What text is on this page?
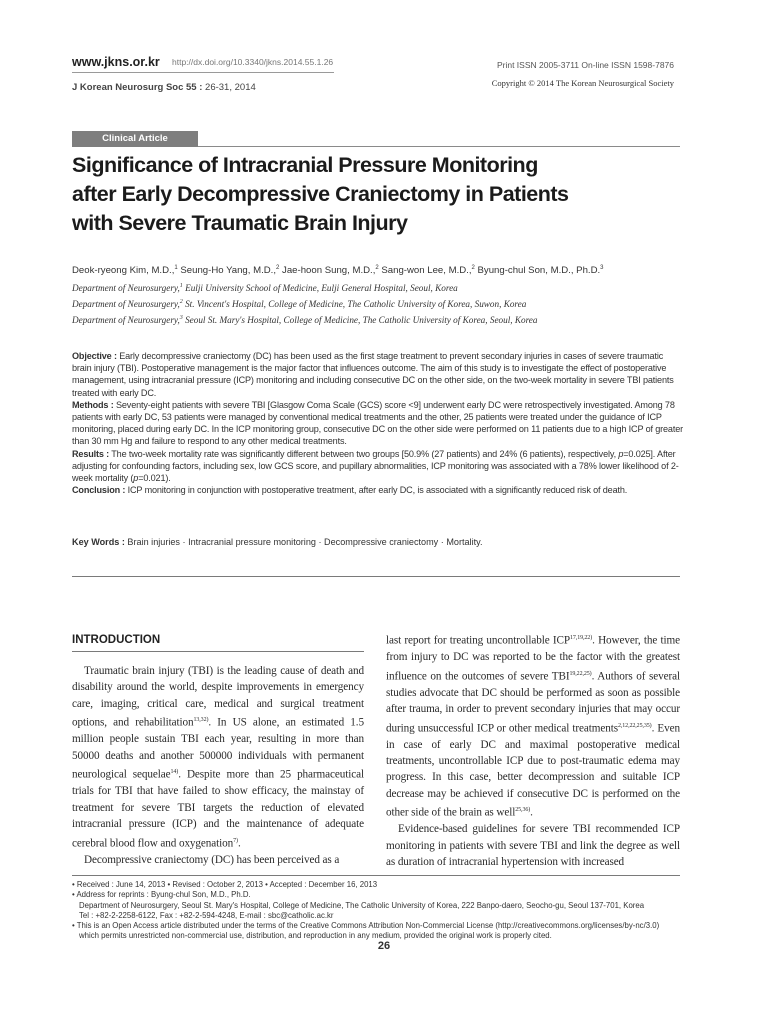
www.jkns.or.kr http://dx.doi.org/10.3340/jkns.2014.55.1.26
J Korean Neurosurg Soc 55 : 26-31, 2014
Print ISSN 2005-3711 On-line ISSN 1598-7876
Copyright © 2014 The Korean Neurosurgical Society
Clinical Article
Significance of Intracranial Pressure Monitoring
after Early Decompressive Craniectomy in Patients
with Severe Traumatic Brain Injury
Deok-ryeong Kim, M.D.,$^1$ Seung-Ho Yang, M.D.,$^2$ Jae-hoon Sung, M.D.,$^2$ Sang-won Lee, M.D.,$^2$ Byung-chul Son, M.D., Ph.D.$^3$
Department of Neurosurgery,$^1$ Eulji University School of Medicine, Eulji General Hospital, Seoul, Korea
Department of Neurosurgery,$^2$ St. Vincent's Hospital, College of Medicine, The Catholic University of Korea, Suwon, Korea
Department of Neurosurgery,$^3$ Seoul St. Mary's Hospital, College of Medicine, The Catholic University of Korea, Seoul, Korea

Objective : Early decompressive craniectomy (DC) has been used as the first stage treatment to prevent secondary injuries in cases of severe traumatic brain injury (TBI). Postoperative management is the major factor that influences outcome. The aim of this study is to investigate the effect of postoperative management, using intracranial pressure (ICP) monitoring and including consecutive DC on the other side, on the two-week mortality in severe TBI patients treated with early DC.

Methods : Seventy-eight patients with severe TBI [Glasgow Coma Scale (GCS) score <9] underwent early DC were retrospectively investigated. Among 78 patients with early DC, 53 patients were managed by conventional medical treatments and the other, 25 patients were treated under the guidance of ICP monitoring, placed during early DC. In the ICP monitoring group, consecutive DC on the other side were performed on 11 patients due to a high ICP of greater than 30 mm Hg and failure to respond to any other medical treatments.

Results : The two-week mortality rate was significantly different between two groups [50.9% (27 patients) and 24% (6 patients), respectively, p=0.025]. After adjusting for confounding factors, including sex, low GCS score, and pupillary abnormalities, ICP monitoring was associated with a 78% lower likelihood of 2-week mortality (p=0.021).

Conclusion : ICP monitoring in conjunction with postoperative treatment, after early DC, is associated with a significantly reduced risk of death.

Key Words : Brain injuries · Intracranial pressure monitoring · Decompressive craniectomy · Mortality.
INTRODUCTION

Traumatic brain injury (TBI) is the leading cause of death and disability around the world, despite improvements in emergency care, imaging, critical care, medical and surgical treatment options, and rehabilitation$^{13,32)}$. In US alone, an estimated 1.5 million people sustain TBI each year, resulting in more than 50000 deaths and another 500000 individuals with permanent neurological sequelae$^{14)}$. Despite more than 25 pharmaceutical trials for TBI that have failed to show efficacy, the mainstay of treatment for severe TBI targets the reduction of elevated intracranial pressure (ICP) and the maintenance of adequate cerebral blood flow and oxygenation$^{7)}$.

Decompressive craniectomy (DC) has been perceived as a

last report for treating uncontrollable ICP$^{17,19,22)}$. However, the time from injury to DC was reported to be the factor with the greatest influence on the outcomes of severe TBI$^{19,22,25)}$. Authors of several studies advocate that DC should be performed as soon as possible after trauma, in order to prevent secondary injuries that may occur during unsuccessful ICP or other medical treatments$^{2,12,22,25,35)}$. Even in case of early DC and maximal postoperative medical treatments, uncontrollable ICP due to post-traumatic edema may progress. In this case, better decompression and suitable ICP decrease may be achieved if consecutive DC is performed on the other side of the brain as well$^{25,36)}$.

Evidence-based guidelines for severe TBI recommended ICP monitoring in patients with severe TBI and link the degree as well as duration of intracranial hypertension with increased

• Received : June 14, 2013 • Revised : October 2, 2013 • Accepted : December 16, 2013
• Address for reprints : Byung-chul Son, M.D., Ph.D.
Department of Neurosurgery, Seoul St. Mary's Hospital, College of Medicine, The Catholic University of Korea, 222 Banpo-daero, Seocho-gu, Seoul 137-701, Korea
Tel : +82-2-2258-6122, Fax : +82-2-594-4248, E-mail : sbc@catholic.ac.kr
• This is an Open Access article distributed under the terms of the Creative Commons Attribution Non-Commercial License (http://creativecommons.org/licenses/by-nc/3.0)
which permits unrestricted non-commercial use, distribution, and reproduction in any medium, provided the original work is properly cited.
26
